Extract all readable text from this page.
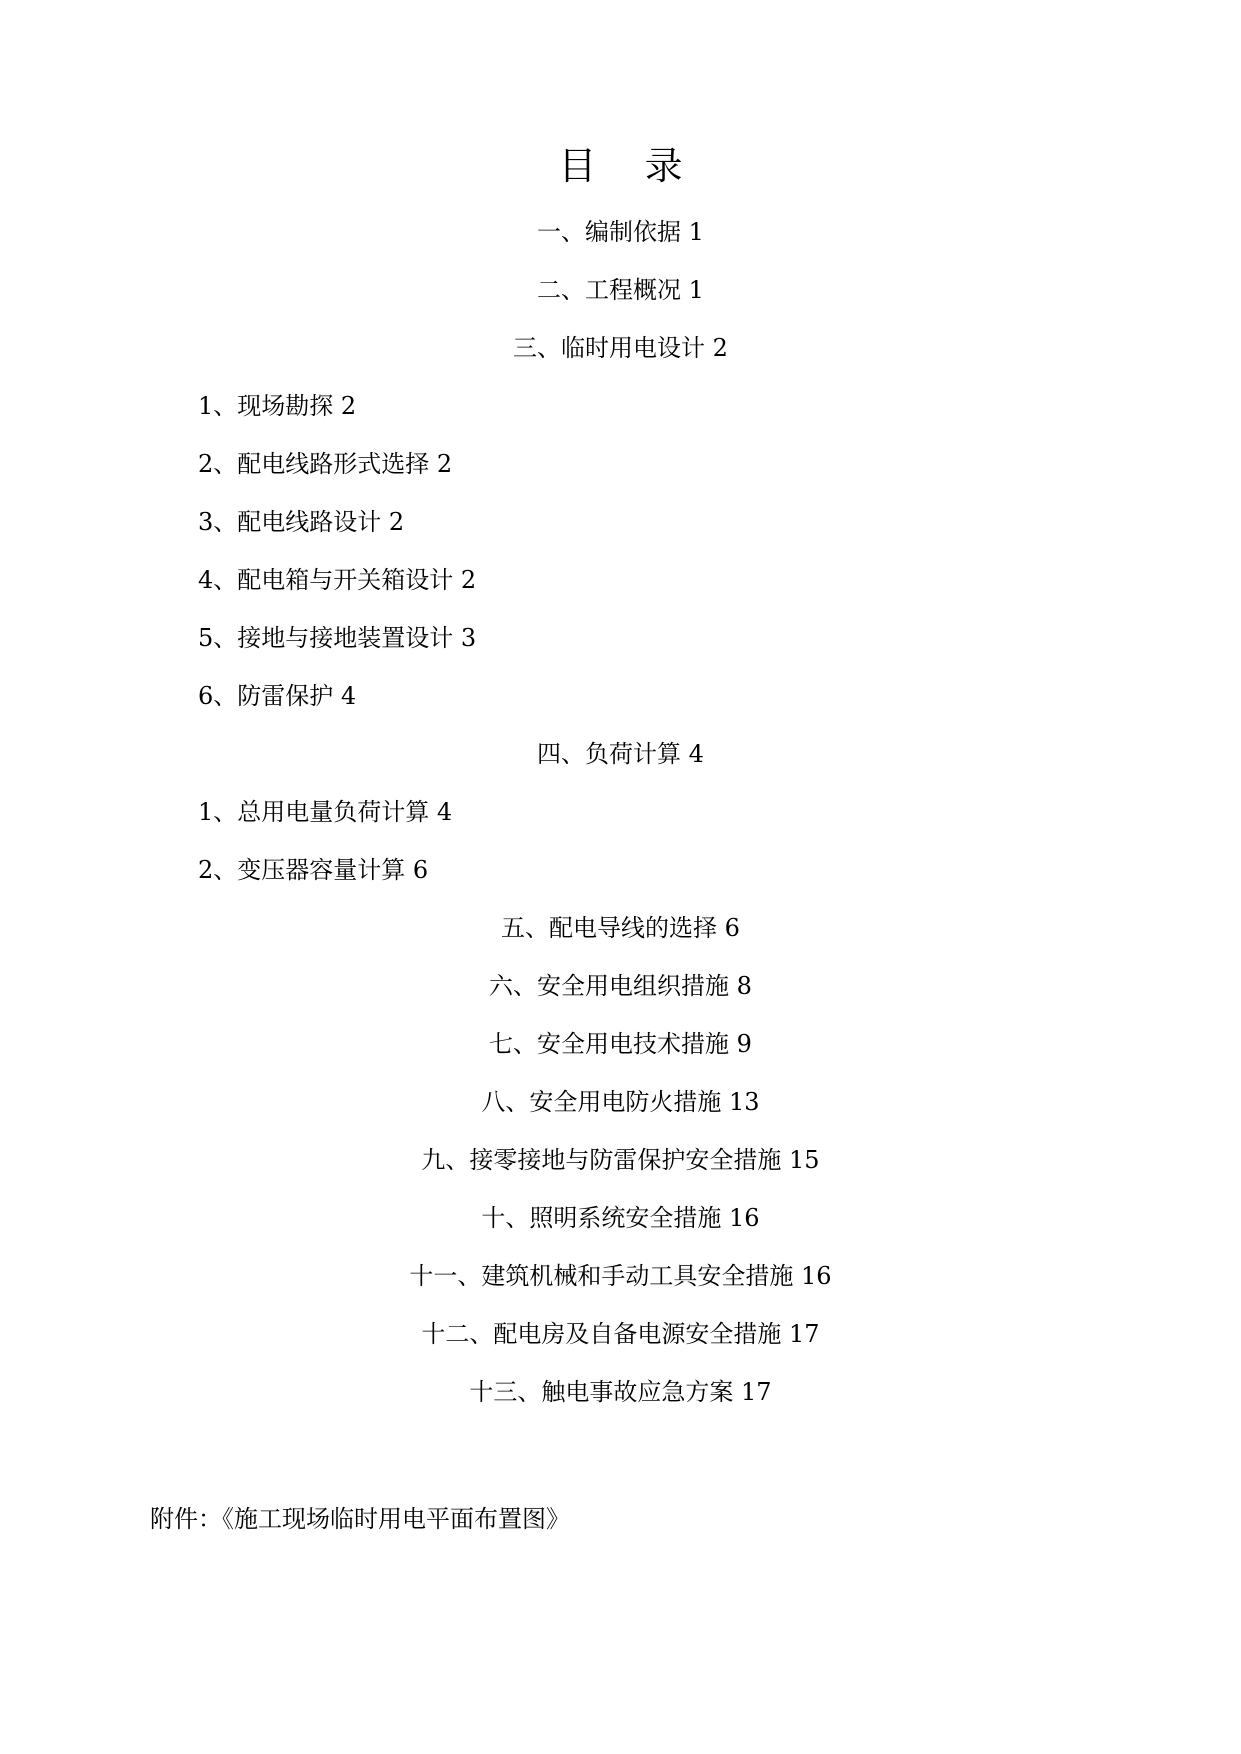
目    录
一、编制依据 1
二、工程概况 1
三、临时用电设计 2
1、现场勘探 2
2、配电线路形式选择 2
3、配电线路设计 2
4、配电箱与开关箱设计 2
5、接地与接地装置设计 3
6、防雷保护 4
四、负荷计算 4
1、总用电量负荷计算 4
2、变压器容量计算 6
五、配电导线的选择 6
六、安全用电组织措施 8
七、安全用电技术措施 9
八、安全用电防火措施 13
九、接零接地与防雷保护安全措施 15
十、照明系统安全措施 16
十一、建筑机械和手动工具安全措施 16
十二、配电房及自备电源安全措施 17
十三、触电事故应急方案 17
附件：《施工现场临时用电平面布置图》
